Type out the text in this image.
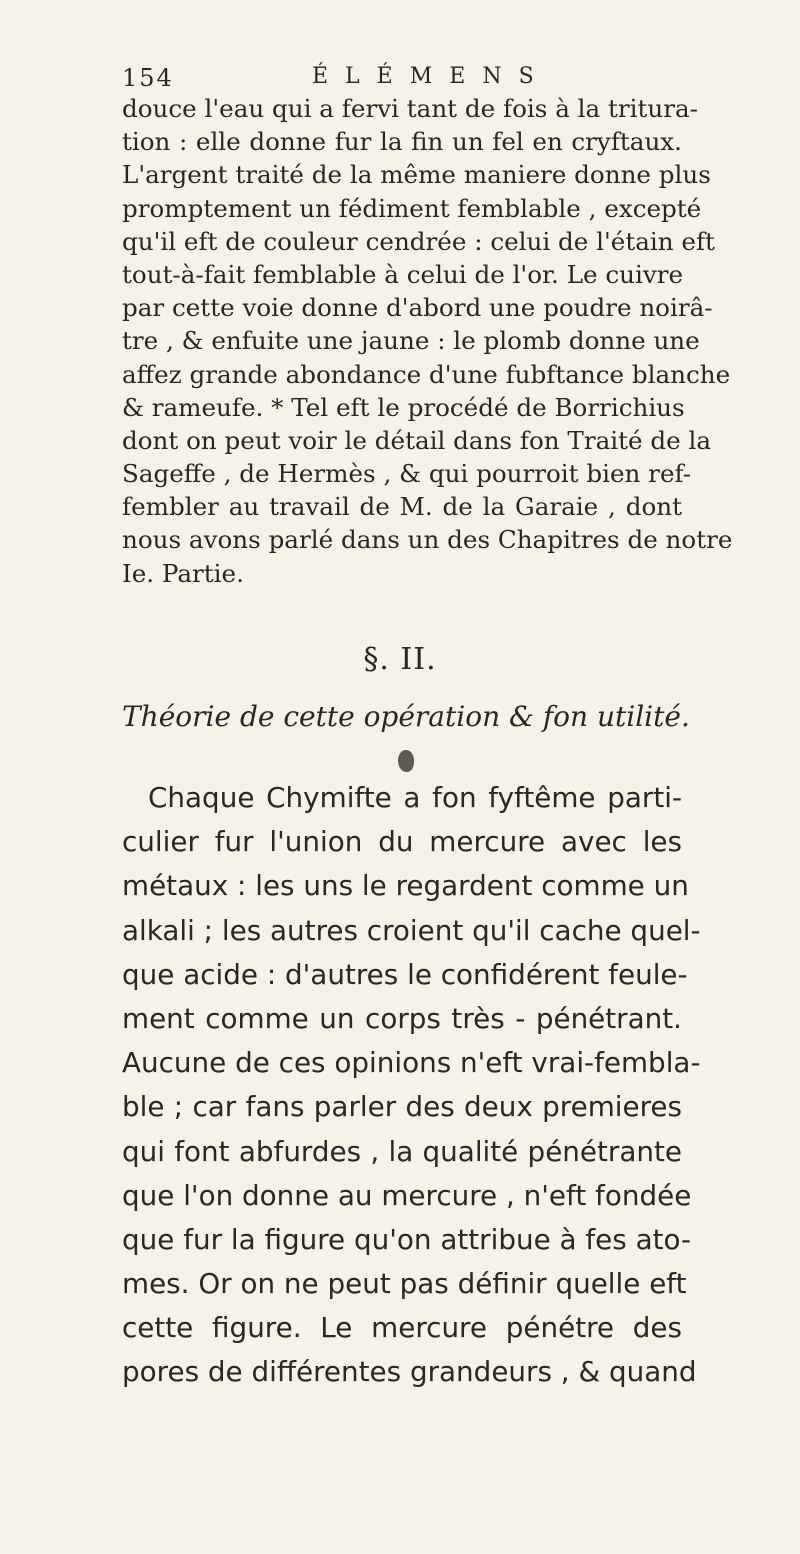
154	ÉLÉMENS
douce l'eau qui a fervi tant de fois à la tritura-
tion : elle donne fur la fin un fel en cryftaux.
L'argent traité de la même maniere donne plus
promptement un fédiment femblable , excepté
qu'il eft de couleur cendrée : celui de l'étain eft
tout-à-fait femblable à celui de l'or. Le cuivre
par cette voie donne d'abord une poudre noirâ-
tre , & enfuite une jaune : le plomb donne une
affez grande abondance d'une fubftance blanche
& rameufe. * Tel eft le procédé de Borrichius
dont on peut voir le détail dans fon Traité de la
Sageffe , de Hermès , & qui pourroit bien ref-
fembler au travail de M. de la Garaie , dont
nous avons parlé dans un des Chapitres de notre
Ie. Partie.
§. II.
Théorie de cette opération & fon utilité.
Chaque Chymifte a fon fyftême parti-
culier fur l'union du mercure avec les
métaux : les uns le regardent comme un
alkali ; les autres croient qu'il cache quel-
que acide : d'autres le confidérent feule-
ment comme un corps très - pénétrant.
Aucune de ces opinions n'eft vrai-fembla-
ble ; car fans parler des deux premieres
qui font abfurdes , la qualité pénétrante
que l'on donne au mercure , n'eft fondée
que fur la figure qu'on attribue à fes ato-
mes. Or on ne peut pas définir quelle eft
cette figure. Le mercure pénétre des
pores de différentes grandeurs , & quand
